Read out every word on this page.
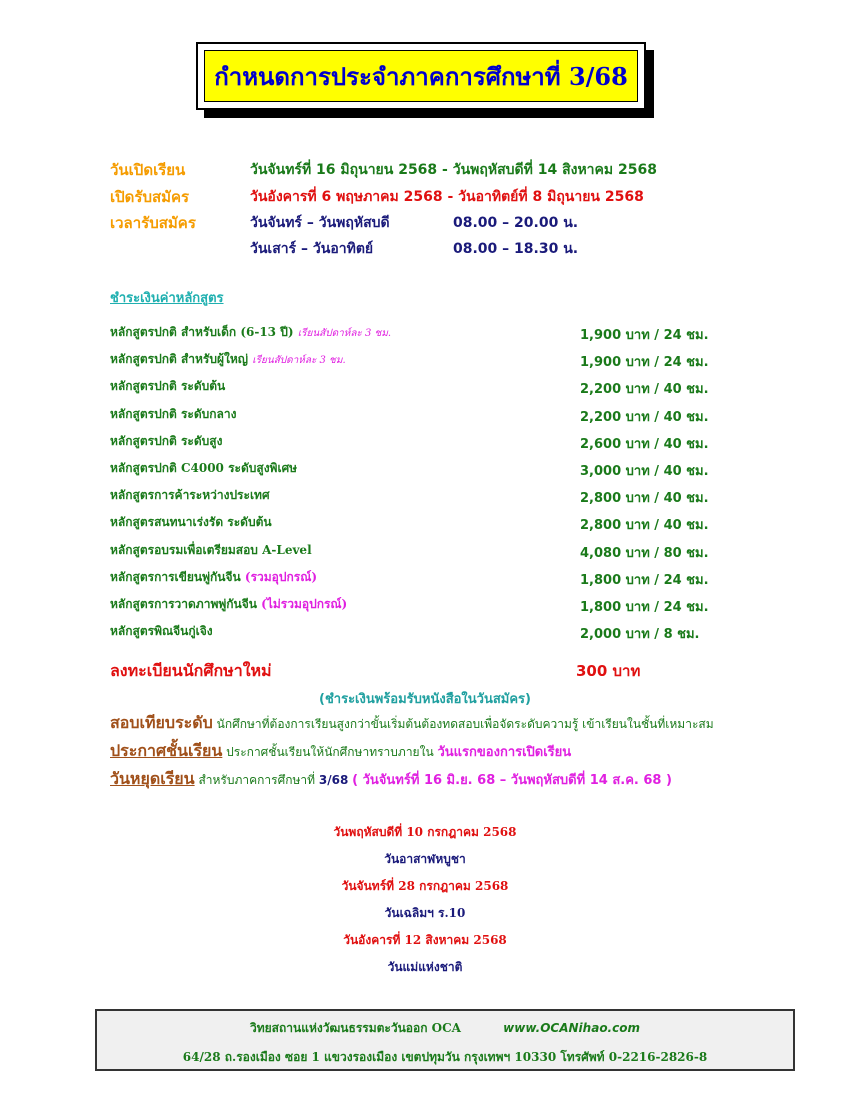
กำหนดการประจำภาคการศึกษาที่ 3/68
วันเปิดเรียน	วันจันทร์ที่ 16 มิถุนายน 2568 - วันพฤหัสบดีที่ 14 สิงหาคม 2568
เปิดรับสมัคร	วันอังคารที่ 6 พฤษภาคม 2568 - วันอาทิตย์ที่ 8 มิถุนายน 2568
เวลารับสมัคร	วันจันทร์ – วันพฤหัสบดี	08.00 – 20.00 น.
วันเสาร์ – วันอาทิตย์	08.00 – 18.30 น.
ชำระเงินค่าหลักสูตร
หลักสูตรปกติ สำหรับเด็ก (6-13 ปี) เรียนสัปดาห์ละ 3 ชม.	1,900 บาท / 24 ชม.
หลักสูตรปกติ สำหรับผู้ใหญ่ เรียนสัปดาห์ละ 3 ชม.	1,900 บาท / 24 ชม.
หลักสูตรปกติ ระดับต้น	2,200 บาท / 40 ชม.
หลักสูตรปกติ ระดับกลาง	2,200 บาท / 40 ชม.
หลักสูตรปกติ ระดับสูง	2,600 บาท / 40 ชม.
หลักสูตรปกติ C4000 ระดับสูงพิเศษ	3,000 บาท / 40 ชม.
หลักสูตรการค้าระหว่างประเทศ	2,800 บาท / 40 ชม.
หลักสูตรสนทนาเร่งรัด ระดับต้น	2,800 บาท / 40 ชม.
หลักสูตรอบรมเพื่อเตรียมสอบ A-Level	4,080 บาท / 80 ชม.
หลักสูตรการเขียนพู่กันจีน (รวมอุปกรณ์)	1,800 บาท / 24 ชม.
หลักสูตรการวาดภาพพู่กันจีน (ไม่รวมอุปกรณ์)	1,800 บาท / 24 ชม.
หลักสูตรพิณจีนกู่เจิง	2,000 บาท / 8 ชม.
ลงทะเบียนนักศึกษาใหม่	300 บาท
(ชำระเงินพร้อมรับหนังสือในวันสมัคร)
สอบเทียบระดับ นักศึกษาที่ต้องการเรียนสูงกว่าขั้นเริ่มต้นต้องทดสอบเพื่อจัดระดับความรู้ เข้าเรียนในชั้นที่เหมาะสม
ประกาศชั้นเรียน ประกาศชั้นเรียนให้นักศึกษาทราบภายใน วันแรกของการเปิดเรียน
วันหยุดเรียน สำหรับภาคการศึกษาที่ 3/68 ( วันจันทร์ที่ 16 มิ.ย. 68 – วันพฤหัสบดีที่ 14 ส.ค. 68 )
วันพฤหัสบดีที่ 10 กรกฎาคม 2568
วันอาสาฬหบูชา
วันจันทร์ที่ 28 กรกฎาคม 2568
วันเฉลิมฯ ร.10
วันอังคารที่ 12 สิงหาคม 2568
วันแม่แห่งชาติ
วิทยสถานแห่งวัฒนธรรมตะวันออก OCA	www.OCANihao.com
64/28 ถ.รองเมือง ซอย 1 แขวงรองเมือง เขตปทุมวัน กรุงเทพฯ 10330 โทรศัพท์ 0-2216-2826-8
